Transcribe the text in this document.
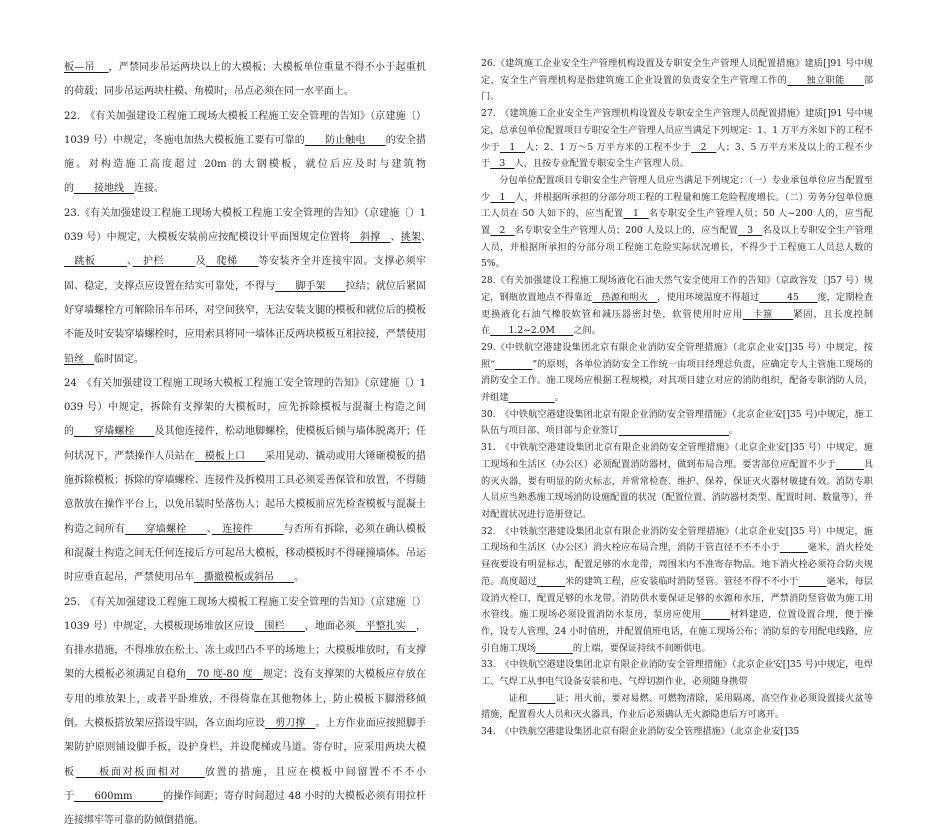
板—吊 ，严禁同步吊运两块以上的大模板；大模板单位重量不得不小于起重机的荷载；同步吊运两块柱模、角模时，吊点必须在同一水平面上。

22.　《有关加强建设工程施工现场大模板工程施工安全管理的告知》（京建施〔）1039 号）中规定，冬施电加热大模板施工要有可靠的　　防止触电　　的安全措施。对构造施工高度超过 20m 的大钢模板，就位后应及时与建筑物的　　接地线　连接。

23.《有关加强建设工程施工现场大模板工程施工安全管理的告知》（京建施〔）1039 号）中规定，大模板安装前应按配模设计平面图规定位置将　斜撑　、挑架、　跳板　　　、　护栏　　　及　爬梯　　等安装齐全并连接牢固。支撑必须牢固、稳定，支撑点应设置在结实可靠处，不得与　　脚手架　　拉结；就位后紧固好穿墙螺栓方可解除吊车吊环，对空间狭窄，无法安装支腿的模板和就位后的模板不能及时安装穿墙螺栓时，应用索具将同一墙体正反两块模板互相拉接，严禁使用铅丝　 临时固定。

24　《有关加强建设工程施工现场大模板工程施工安全管理的告知》（京建施〔）1039 号）中规定，拆除有支撑架的大模板时，应先拆除模板与混凝土构造之间的　　穿墙螺栓　　及其他连接件，松动地脚螺栓，使模板后倾与墙体脱离开；任何状况下，严禁操作人员站在　模板上口　　采用晃动、撬动或用大锤砸模板的措施拆除模板；拆除的穿墙螺栓、连接件及拆模用工具必须妥善保管和放置，不得随意散放在操作平台上，以免吊装时坠落伤人；起吊大模板前应先检查模板与混凝土构造之间所有　　穿墙螺栓　　、　连接件　　　与否所有拆除，必须在确认模板和混凝土构造之间无任何连接后方可起吊大模板，移动模板时不得碰撞墙体。吊运时应垂直起吊，严禁使用吊车　撕撤模板或斜吊　　。

25.　《有关加强建设工程施工现场大模板工程施工安全管理的告知》（京建施〔）1039 号）中规定，大模板现场堆放区应设　围栏　　，地面必须　平整扎实　，有排水措施，不得堆放在松土、冻土或凹凸不平的场地上；大模板堆放时，有支撑架的大模板必须满足自稳角　70 度-80 度　规定；没有支撑架的大模板应存放在专用的堆放架上，或者平卧堆放，不得倚靠在其他物体上，防止模板下脚滑移倾倒。大模板搭放架应搭设牢固，各立面均应设　剪刀撑　。上方作业面应按照脚手架防护原则铺设脚手板，设护身栏，并设爬梯或马道。寄存时，应采用两块大模板　　板面对板面相对　　放置的措施，且应在模板中间留置不不不小于　　600mm　　　的操作间距；寄存时间超过 48 小时的大模板必须有用拉杆连接绑牢等可靠的防倾倒措施。

26.《建筑施工企业安全生产管理机构设置及专职安全生产管理人员配置措施》建质[]91 号中规定，安全生产管理机构是指建筑施工企业设置的负责安全生产管理工作的　　独立职能　　部门。

27.　《建筑施工企业安全生产管理机构设置及专职安全生产管理人员配置措施》建质[]91 号中规定，总承包单位配置项目专职安全生产管理人员应当满足下列规定：1、1 万平方米如下的工程不少于　1　人；2、1 万～5 万平方米的工程不少于　2　人；3、5 万平方米及以上的工程不少于　3　人，且按专业配置专职安全生产管理人员。

分包单位配置项目专职安全生产管理人员应当满足下列规定：（一）专业承包单位应当配置至少　1　人，并根据所承担的分部分项工程的工程量和施工危险程度增长。（二）劳务分包单位施工人员在 50 人如下的，应当配置　1　名专职安全生产管理人员；50 人~200 人的，应当配置　2　名专职安全生产管理人员；200 人及以上的，应当配置　3　名及以上专职安全生产管理人员，并根据所承担的分部分项工程施工危险实际状况增长，不得少于工程施工人员总人数的 5%。

28.《有关加强建设工程施工现场液化石油天然气安全使用工作的告知》（京政容发〔]57 号）规定，钢瓶放置地点不得靠近　热源和明火　，使用环境温度不得超过　　　45　　度，定期检查更换液化石油气橡胶软管和减压器密封垫，软管使用时应用　卡箍　　紧固，且长度控制在　　1.2~2.0M　　之间。

29.《中铁航空港建设集团北京有限企业消防安全管理措施》（北京企业安[]35 号）中规定，按照“　　　　	”的原则，各单位消防安全工作统一由项目经理总负责，应确定专人主管施工现场的消防安全工作。施工现场应根据工程规模，对其项目建立对应的消防组织，配备专职消防人员，并组建　　　　　	。

30.　《中铁航空港建设集团北京有限企业消防安全管理措施》（北京企业安[]35 号)中规定，施工队伍与项目部、项目部与企业签订　　　　　　　　　　　　	。

31.　《中铁航空港建设集团北京有限企业消防安全管理措施》（北京企业安[]35 号）中规定，施工现场和生活区（办公区）必须配置消防器材，做到布局合理。要害部位应配置不少于　　　	具的灭火器，要有明显的防火标志，并常常检查、维护、保养，保证灭火器材敏捷有效。消防专职人员应当熟悉施工现场消防设施配置的状况（配置位置、消防器材类型、配置时间、数量等），并对配置状况进行造册登记。

32.　《中铁航空港建设集团北京有限企业消防安全管理措施》（北京企业安[]35 号）中规定，施工现场和生活区（办公区）消火栓应布局合理，消防干管直径不不不小于　　　	毫米，消火栓处昼夜要设有明显标志，配置足够的水龙带，周围米内不准寄存物品。地下消火栓必须符合防火规范。高度超过　　　	米的建筑工程，应安装临时消防竖管。管径不得不不小于　　　	毫米，每层设消火栓口，配置足够的水龙带。消防供水要保证足够的水源和水压，严禁消防竖管做为施工用水管线。施工现场必须设置消防水泵房，泵房应使用　　　	材料建造，位置设置合理，便于操作，设专人管理，24 小时值班，并配置值班电话，在施工现场公布；消防泵的专用配电线路，应引自施工现场　　　　	的上端，要保证持续不间断供电。

33.　《中铁航空港建设集团北京有限企业消防安全管理措施》（北京企业安[]35 号)中规定，电焊工、气焊工从事电气设备安装和电、气焊切割作业，必须随身携带

　证和　　　	证；用火前，要对易燃、可燃物清除，采用隔离，高空作业必须设置接火盆等措施，配置看火人员和灭火器具，作业后必须确认无火源隐患后方可离开。

34.　《中铁航空港建设集团北京有限企业消防安全管理措施》（北京企业安[]35
